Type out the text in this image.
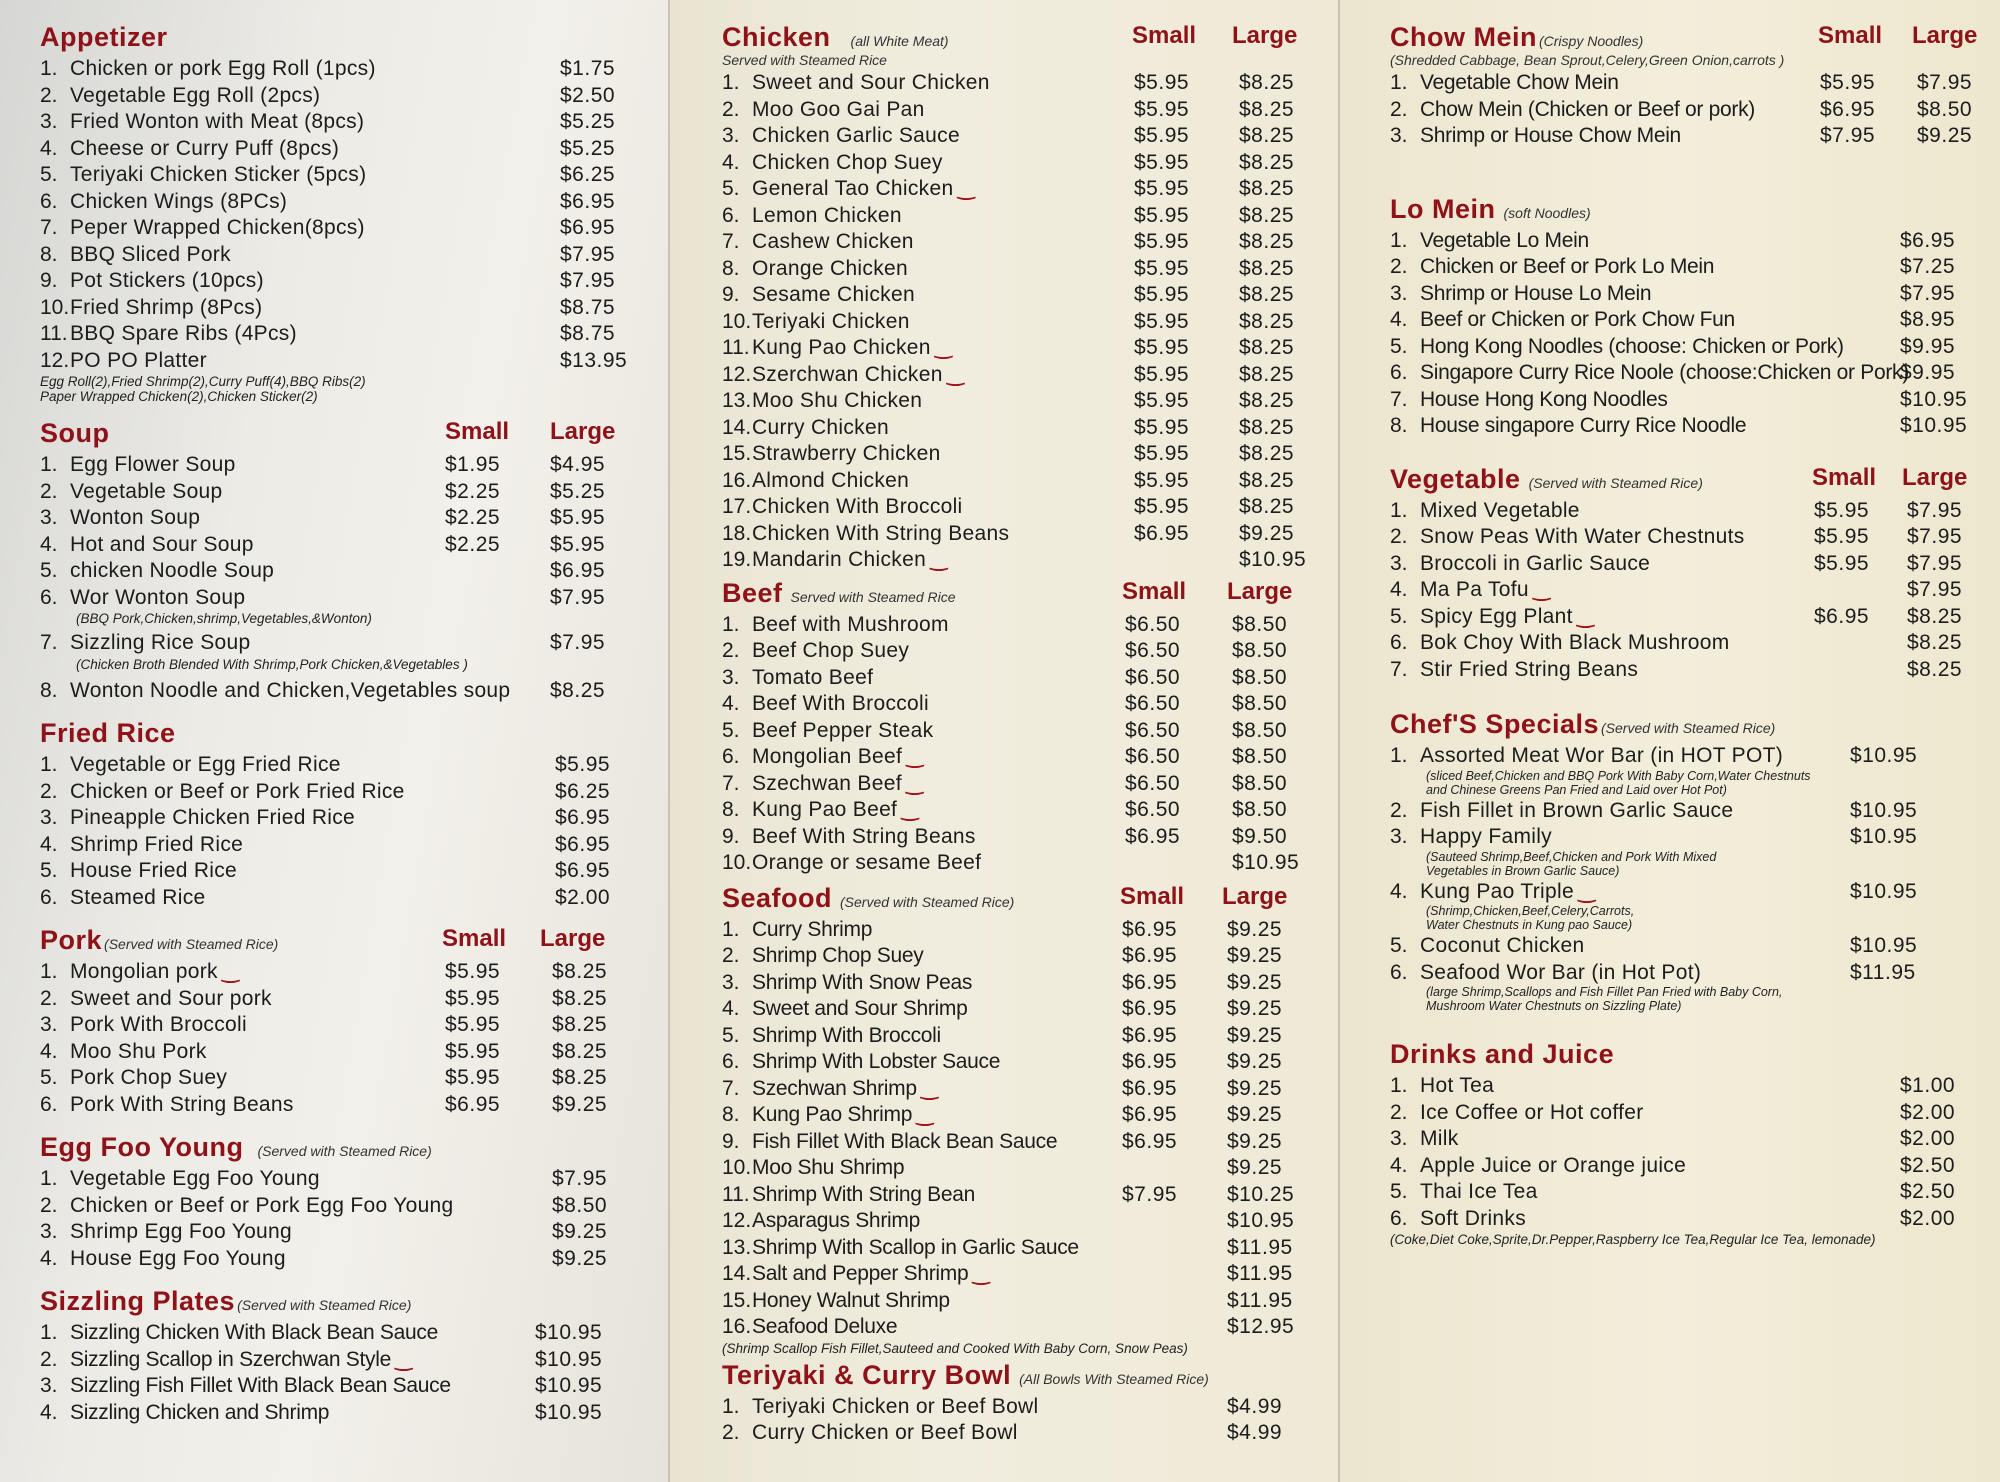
Appetizer
1. Chicken or pork Egg Roll (1pcs)	$1.75
2. Vegetable Egg Roll (2pcs)	$2.50
3. Fried Wonton with Meat (8pcs)	$5.25
4. Cheese or Curry Puff (8pcs)	$5.25
5. Teriyaki Chicken Sticker (5pcs)	$6.25
6. Chicken Wings (8PCs)	$6.95
7. Peper Wrapped Chicken(8pcs)	$6.95
8. BBQ Sliced Pork	$7.95
9. Pot Stickers (10pcs)	$7.95
10.Fried Shrimp (8Pcs)	$8.75
11. BBQ Spare Ribs (4Pcs)	$8.75
12.PO PO Platter	$13.95
Egg Roll(2),Fried Shrimp(2),Curry Puff(4),BBQ Ribs(2)
Paper Wrapped Chicken(2),Chicken Sticker(2)
Soup	Small Large
1. Egg Flower Soup	$1.95 $4.95
2. Vegetable Soup	$2.25 $5.25
3. Wonton Soup	$2.25 $5.95
4. Hot and Sour Soup	$2.25 $5.95
5. chicken Noodle Soup	$6.95
6. Wor Wonton Soup	$7.95
(BBQ Pork,Chicken,shrimp,Vegetables,&Wonton)
7. Sizzling Rice Soup	$7.95
(Chicken Broth Blended With Shrimp,Pork Chicken,&Vegetables )
8. Wonton Noodle and Chicken,Vegetables soup $8.25
Fried Rice
1. Vegetable or Egg Fried Rice	$5.95
2. Chicken or Beef or Pork Fried Rice	$6.25
3. Pineapple Chicken Fried Rice	$6.95
4. Shrimp Fried Rice	$6.95
5. House Fried Rice	$6.95
6. Steamed Rice	$2.00
Pork (Served with Steamed Rice)	Small Large
1. Mongolian pork ‿	$5.95 $8.25
2. Sweet and Sour pork	$5.95 $8.25
3. Pork With Broccoli	$5.95 $8.25
4. Moo Shu Pork	$5.95 $8.25
5. Pork Chop Suey	$5.95 $8.25
6. Pork With String Beans	$6.95 $9.25
Egg Foo Young (Served with Steamed Rice)
1. Vegetable Egg Foo Young	$7.95
2. Chicken or Beef or Pork Egg Foo Young	$8.50
3. Shrimp Egg Foo Young	$9.25
4. House Egg Foo Young	$9.25
Sizzling Plates (Served with Steamed Rice)
1. Sizzling Chicken With Black Bean Sauce	$10.95
2. Sizzling Scallop in Szerchwan Style ‿	$10.95
3. Sizzling Fish Fillet With Black Bean Sauce	$10.95
4. Sizzling Chicken and Shrimp	$10.95
Chicken (all White Meat)	Small Large
Served with Steamed Rice
1. Sweet and Sour Chicken	$5.95 $8.25
2. Moo Goo Gai Pan	$5.95 $8.25
3. Chicken Garlic Sauce	$5.95 $8.25
4. Chicken Chop Suey	$5.95 $8.25
5. General Tao Chicken ‿	$5.95 $8.25
6. Lemon Chicken	$5.95 $8.25
7. Cashew Chicken	$5.95 $8.25
8. Orange Chicken	$5.95 $8.25
9. Sesame Chicken	$5.95 $8.25
10.Teriyaki Chicken	$5.95 $8.25
11. Kung Pao Chicken ‿	$5.95 $8.25
12.Szerchwan Chicken ‿	$5.95 $8.25
13.Moo Shu Chicken	$5.95 $8.25
14.Curry Chicken	$5.95 $8.25
15.Strawberry Chicken	$5.95 $8.25
16.Almond Chicken	$5.95 $8.25
17.Chicken With Broccoli	$5.95 $8.25
18.Chicken With String Beans	$6.95 $9.25
19.Mandarin Chicken ‿	$10.95
Beef Served with Steamed Rice	Small Large
1. Beef with Mushroom	$6.50 $8.50
2. Beef Chop Suey	$6.50 $8.50
3. Tomato Beef	$6.50 $8.50
4. Beef With Broccoli	$6.50 $8.50
5. Beef Pepper Steak	$6.50 $8.50
6. Mongolian Beef ‿	$6.50 $8.50
7. Szechwan Beef ‿	$6.50 $8.50
8. Kung Pao Beef ‿	$6.50 $8.50
9. Beef With String Beans	$6.95 $9.50
10.Orange or sesame Beef	$10.95
Seafood (Served with Steamed Rice)	Small Large
1. Curry Shrimp	$6.95 $9.25
2. Shrimp Chop Suey	$6.95 $9.25
3. Shrimp With Snow Peas	$6.95 $9.25
4. Sweet and Sour Shrimp	$6.95 $9.25
5. Shrimp With Broccoli	$6.95 $9.25
6. Shrimp With Lobster Sauce	$6.95 $9.25
7. Szechwan Shrimp ‿	$6.95 $9.25
8. Kung Pao Shrimp ‿	$6.95 $9.25
9. Fish Fillet With Black Bean Sauce	$6.95 $9.25
10.Moo Shu Shrimp	$9.25
11. Shrimp With String Bean	$7.95 $10.25
12.Asparagus Shrimp	$10.95
13.Shrimp With Scallop in Garlic Sauce	$11.95
14.Salt and Pepper Shrimp ‿	$11.95
15.Honey Walnut Shrimp	$11.95
16.Seafood Deluxe	$12.95
(Shrimp Scallop Fish Fillet,Sauteed and Cooked With Baby Corn, Snow Peas)
Teriyaki & Curry Bowl (All Bowls With Steamed Rice)
1. Teriyaki Chicken or Beef Bowl	$4.99
2. Curry Chicken or Beef Bowl	$4.99
Chow Mein (Crispy Noodles)	Small Large
(Shredded Cabbage, Bean Sprout,Celery,Green Onion,carrots )
1. Vegetable Chow Mein	$5.95 $7.95
2. Chow Mein (Chicken or Beef or pork)	$6.95 $8.50
3. Shrimp or House Chow Mein	$7.95 $9.25
Lo Mein (soft Noodles)
1. Vegetable Lo Mein	$6.95
2. Chicken or Beef or Pork Lo Mein	$7.25
3. Shrimp or House Lo Mein	$7.95
4. Beef or Chicken or Pork Chow Fun	$8.95
5. Hong Kong Noodles (choose: Chicken or Pork)	$9.95
6. Singapore Curry Rice Noole (choose:Chicken or Pork)
$9.95
7. House Hong Kong Noodles	$10.95
8. House singapore Curry Rice Noodle	$10.95
Vegetable (Served with Steamed Rice)	Small Large
1. Mixed Vegetable	$5.95 $7.95
2. Snow Peas With Water Chestnuts	$5.95 $7.95
3. Broccoli in Garlic Sauce	$5.95 $7.95
4. Ma Pa Tofu ‿	$7.95
5. Spicy Egg Plant ‿	$6.95 $8.25
6. Bok Choy With Black Mushroom	$8.25
7. Stir Fried String Beans	$8.25
Chef'S Specials (Served with Steamed Rice)
1. Assorted Meat Wor Bar (in HOT POT)	$10.95
(sliced Beef,Chicken and BBQ Pork With Baby Corn,Water Chestnuts
and Chinese Greens Pan Fried and Laid over Hot Pot)
2. Fish Fillet in Brown Garlic Sauce	$10.95
3. Happy Family	$10.95
(Sauteed Shrimp,Beef,Chicken and Pork With Mixed
Vegetables in Brown Garlic Sauce)
4. Kung Pao Triple ‿	$10.95
(Shrimp,Chicken,Beef,Celery,Carrots,
Water Chestnuts in Kung pao Sauce)
5. Coconut Chicken	$10.95
6. Seafood Wor Bar (in Hot Pot)	$11.95
(large Shrimp,Scallops and Fish Fillet Pan Fried with Baby Corn,
Mushroom Water Chestnuts on Sizzling Plate)
Drinks and Juice
1. Hot Tea	$1.00
2. Ice Coffee or Hot coffer	$2.00
3. Milk	$2.00
4. Apple Juice or Orange juice	$2.50
5. Thai Ice Tea	$2.50
6. Soft Drinks	$2.00
(Coke,Diet Coke,Sprite,Dr.Pepper,Raspberry Ice Tea,Regular Ice Tea, lemonade)
